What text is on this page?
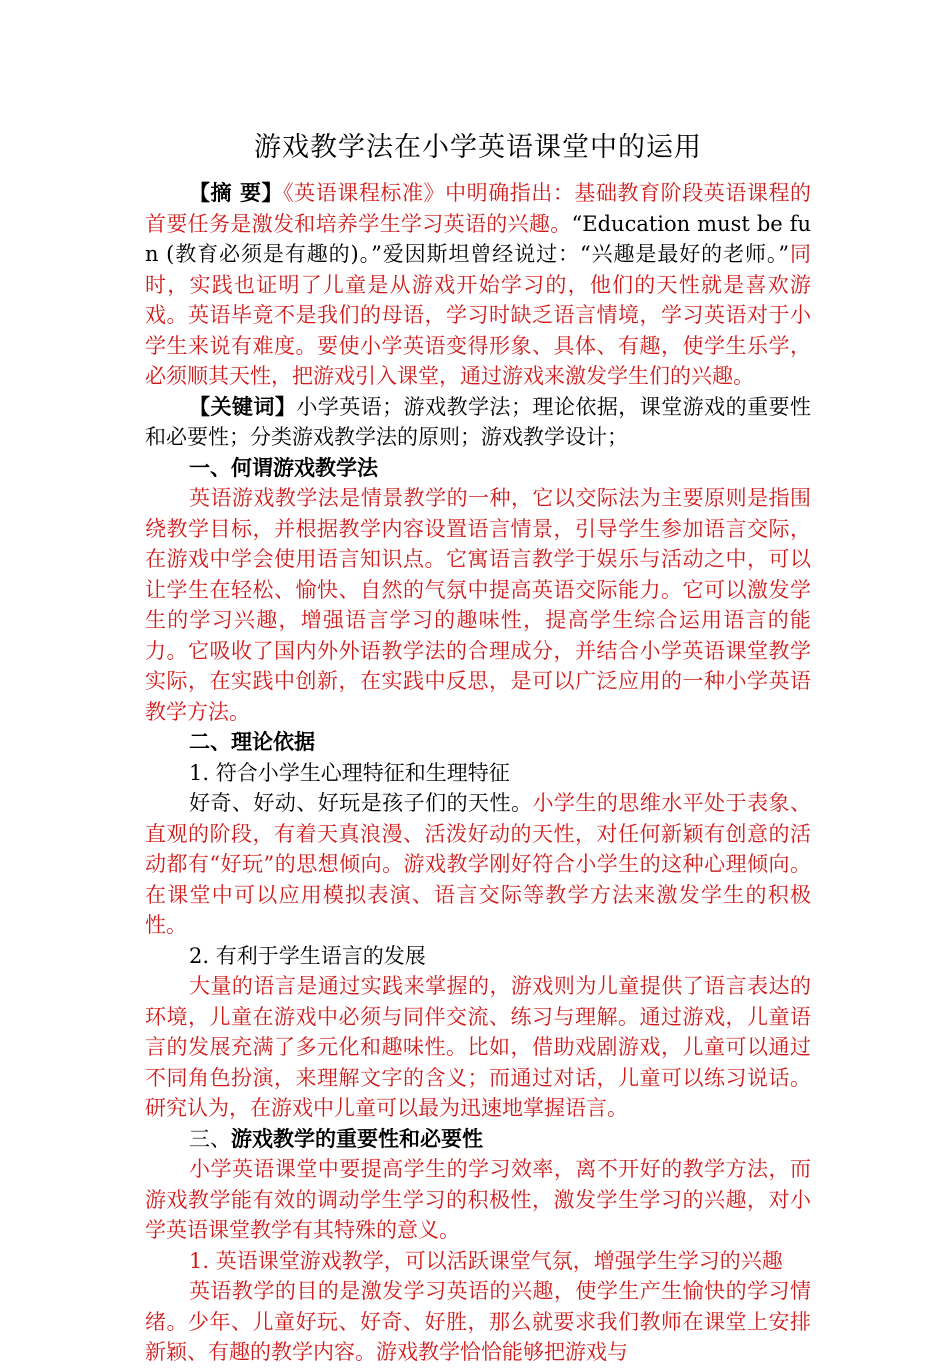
游戏教学法在小学英语课堂中的运用

【摘 要】《英语课程标准》中明确指出：基础教育阶段英语课程的首要任务是激发和培养学生学习英语的兴趣。“Education must be fun (教育必须是有趣的)。”爱因斯坦曾经说过：“兴趣是最好的老师。”同时，实践也证明了儿童是从游戏开始学习的，他们的天性就是喜欢游戏。英语毕竟不是我们的母语，学习时缺乏语言情境，学习英语对于小学生来说有难度。要使小学英语变得形象、具体、有趣，使学生乐学，必须顺其天性，把游戏引入课堂，通过游戏来激发学生们的兴趣。

【关键词】小学英语；游戏教学法；理论依据，课堂游戏的重要性和必要性；分类游戏教学法的原则；游戏教学设计；

一、何谓游戏教学法

英语游戏教学法是情景教学的一种，它以交际法为主要原则是指围绕教学目标，并根据教学内容设置语言情景，引导学生参加语言交际，在游戏中学会使用语言知识点。它寓语言教学于娱乐与活动之中，可以让学生在轻松、愉快、自然的气氛中提高英语交际能力。它可以激发学生的学习兴趣，增强语言学习的趣味性，提高学生综合运用语言的能力。它吸收了国内外外语教学法的合理成分，并结合小学英语课堂教学实际，在实践中创新，在实践中反思，是可以广泛应用的一种小学英语教学方法。

二、理论依据

1. 符合小学生心理特征和生理特征

好奇、好动、好玩是孩子们的天性。小学生的思维水平处于表象、直观的阶段，有着天真浪漫、活泼好动的天性，对任何新颖有创意的活动都有“好玩”的思想倾向。游戏教学刚好符合小学生的这种心理倾向。在课堂中可以应用模拟表演、语言交际等教学方法来激发学生的积极性。

2. 有利于学生语言的发展

大量的语言是通过实践来掌握的，游戏则为儿童提供了语言表达的环境，儿童在游戏中必须与同伴交流、练习与理解。通过游戏，儿童语言的发展充满了多元化和趣味性。比如，借助戏剧游戏，儿童可以通过不同角色扮演，来理解文字的含义；而通过对话，儿童可以练习说话。研究认为，在游戏中儿童可以最为迅速地掌握语言。

三、游戏教学的重要性和必要性

小学英语课堂中要提高学生的学习效率，离不开好的教学方法，而游戏教学能有效的调动学生学习的积极性，激发学生学习的兴趣，对小学英语课堂教学有其特殊的意义。

1. 英语课堂游戏教学，可以活跃课堂气氛，增强学生学习的兴趣

英语教学的目的是激发学习英语的兴趣，使学生产生愉快的学习情绪。少年、儿童好玩、好奇、好胜，那么就要求我们教师在课堂上安排新颖、有趣的教学内容。游戏教学恰恰能够把游戏与
